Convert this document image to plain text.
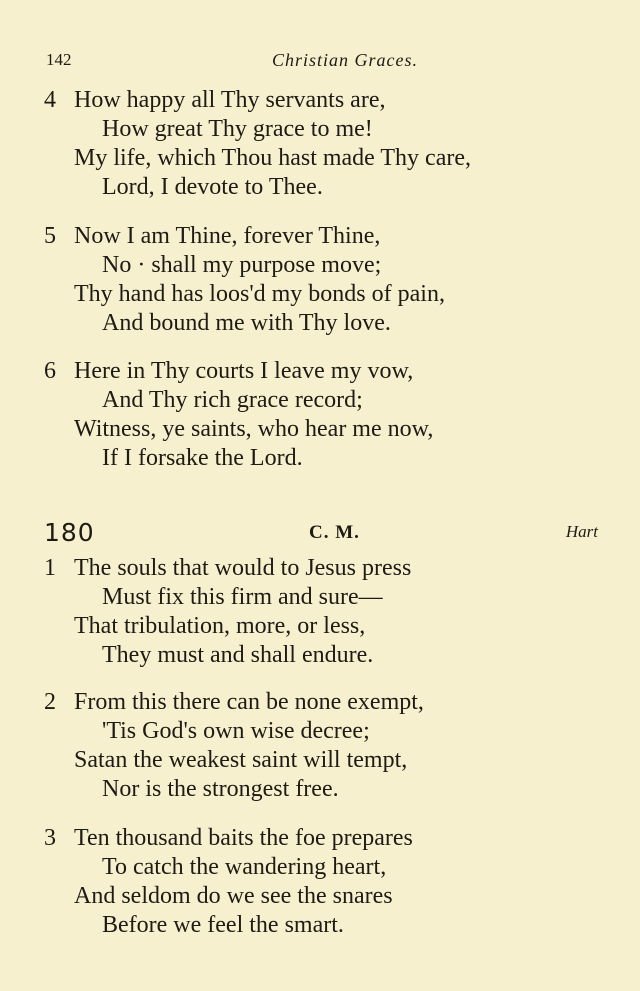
142	Christian Graces.
4 How happy all Thy servants are,
How great Thy grace to me!
My life, which Thou hast made Thy care,
Lord, I devote to Thee.
5 Now I am Thine, forever Thine,
No · shall my purpose move;
Thy hand has loos'd my bonds of pain,
And bound me with Thy love.
6 Here in Thy courts I leave my vow,
And Thy rich grace record;
Witness, ye saints, who hear me now,
If I forsake the Lord.
180	C. M.	Hart
1 The souls that would to Jesus press
Must fix this firm and sure—
That tribulation, more, or less,
They must and shall endure.
2 From this there can be none exempt,
'Tis God's own wise decree;
Satan the weakest saint will tempt,
Nor is the strongest free.
3 Ten thousand baits the foe prepares
To catch the wandering heart,
And seldom do we see the snares
Before we feel the smart.
